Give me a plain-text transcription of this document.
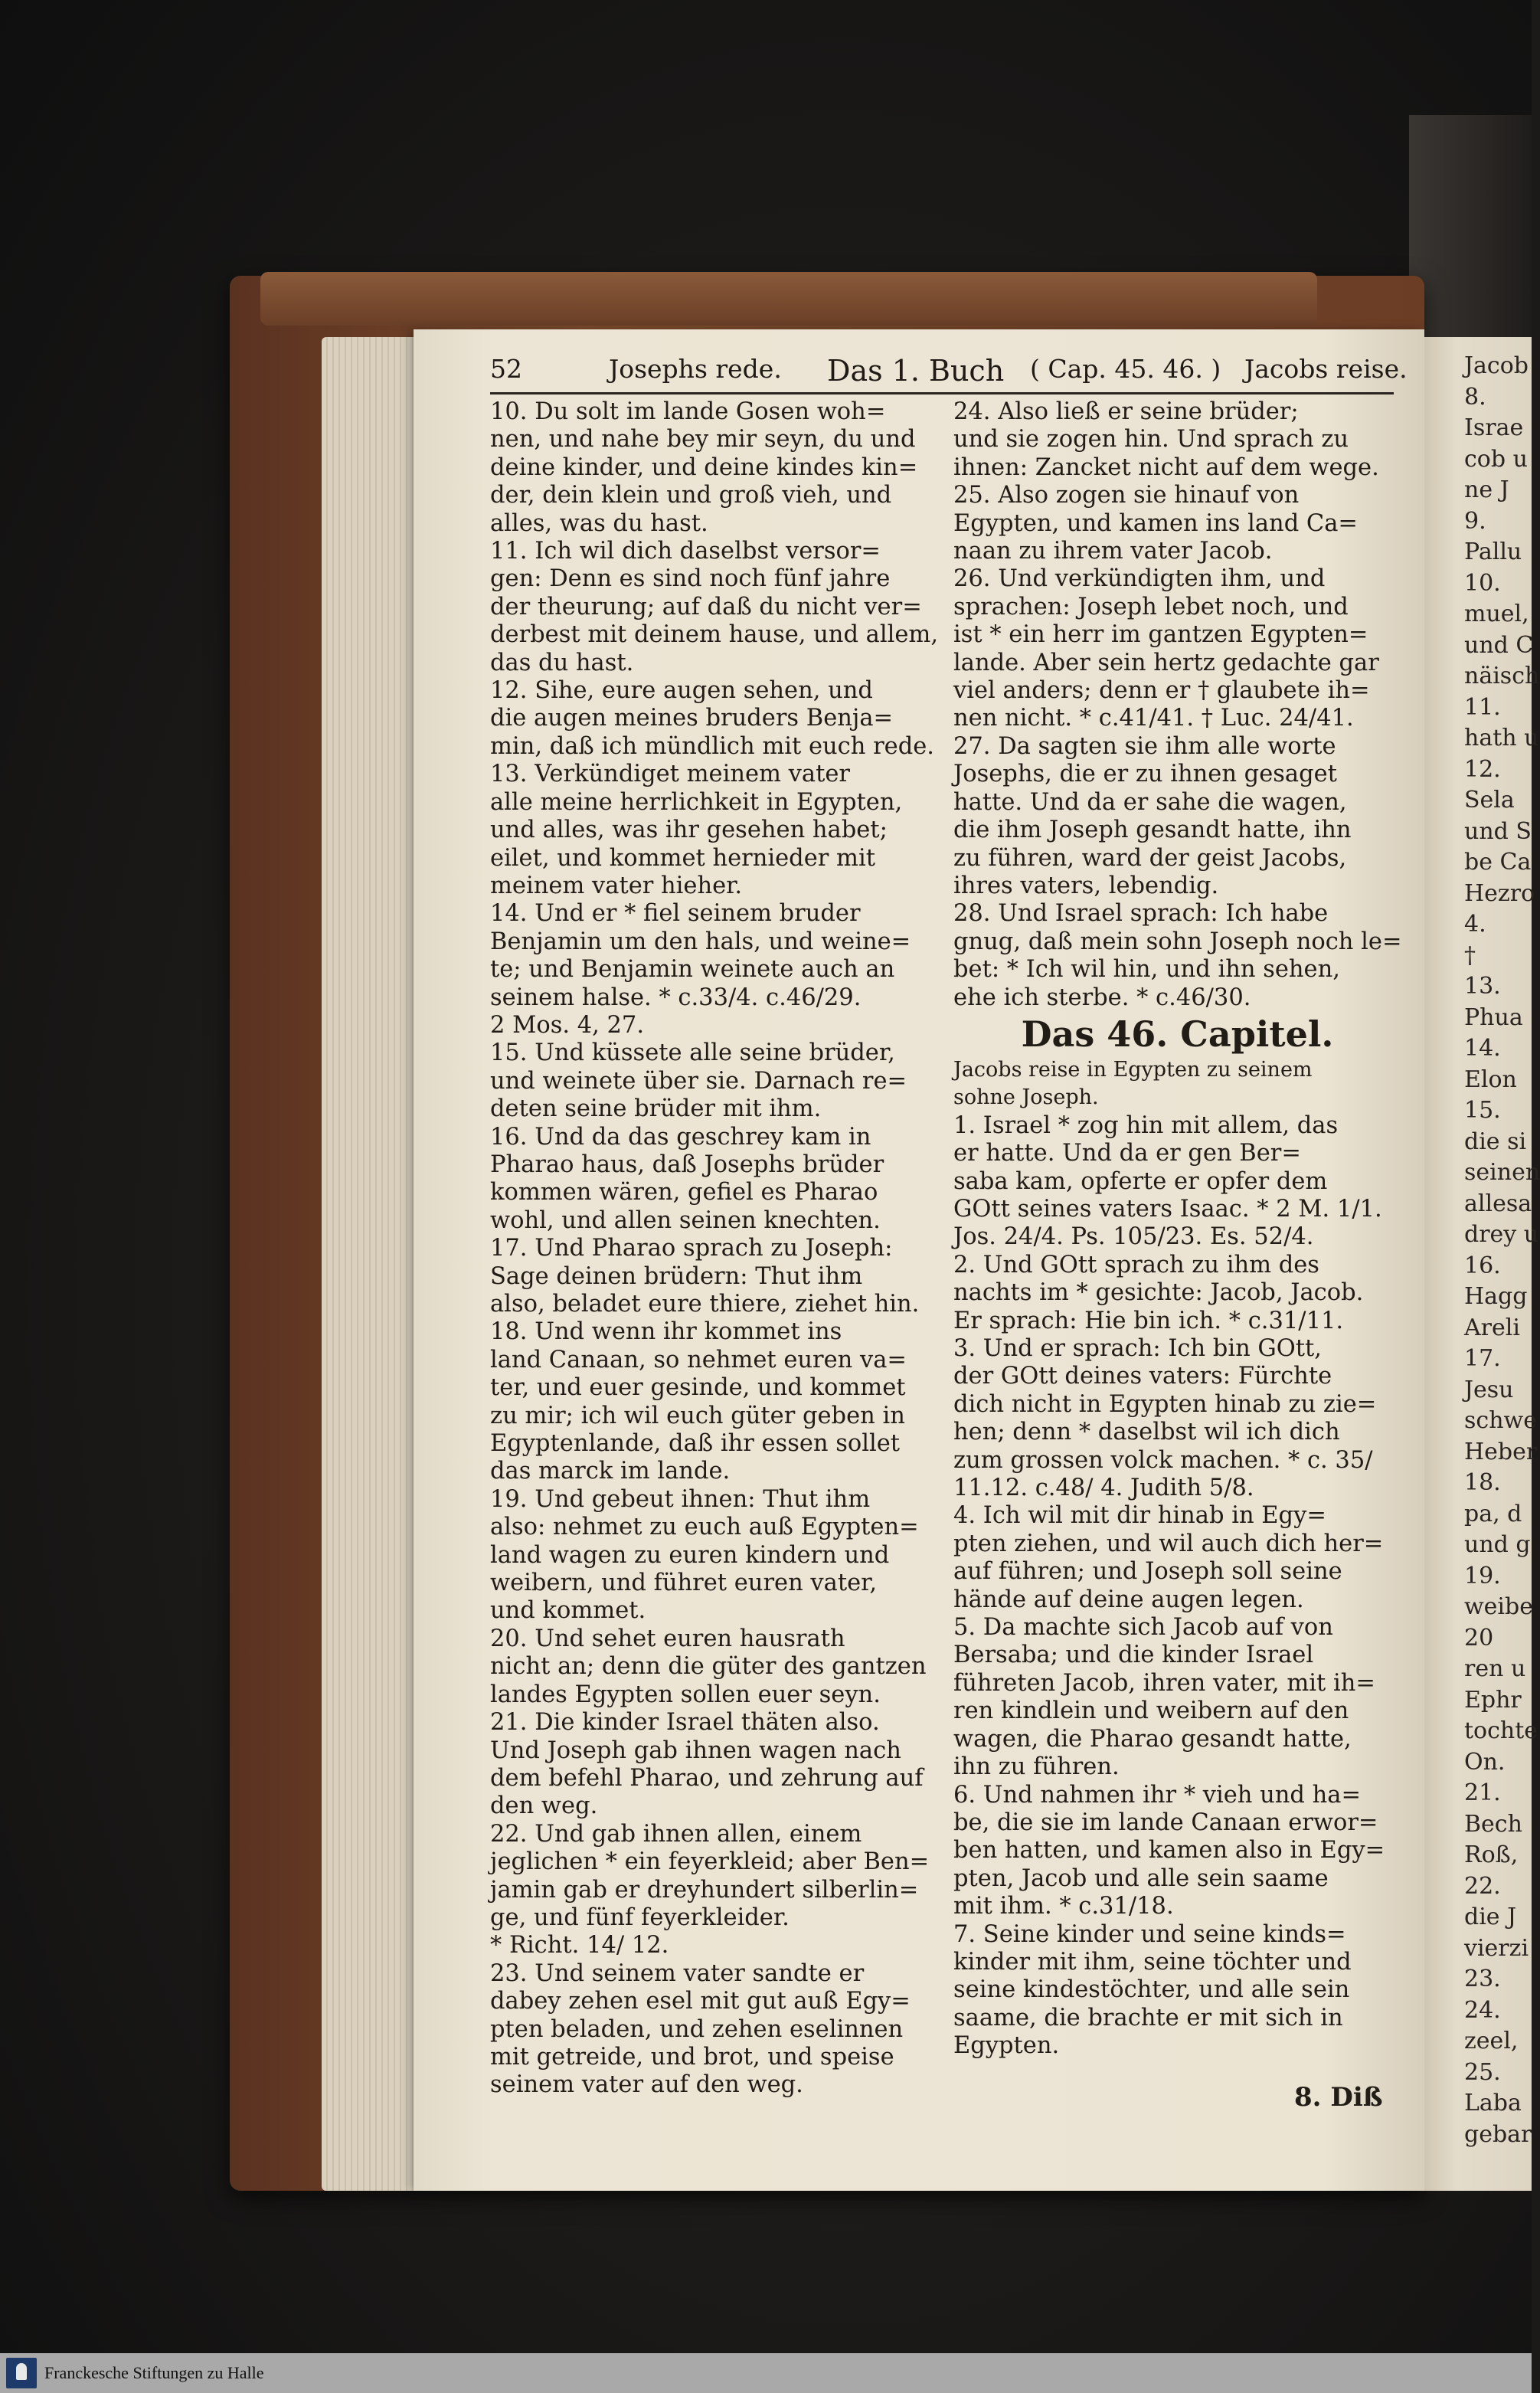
Jacob
8.
Israe
cob u
ne J
9.
Pallu
10.
muel,
und C
näisch
11.
hath u
12.
Sela
und S
be Ca
Hezro
4.
†
13.
Phua
14.
Elon
15.
die si
seinen
allesa
drey u
16.
Hagg
Areli
17.
Jesu
schwe
Heber
18.
pa, d
und g
19.
weibe
20
ren u
Ephr
tochte
On.
21.
Bech
Roß,
22.
die J
vierzi
23.
24.
zeel,
25.
Laba
gebar
52	Josephs rede. Das 1. Buch ( Cap. 45. 46. ) Jacobs reise.

10. Du solt im lande Gosen woh=

nen, und nahe bey mir seyn, du und

deine kinder, und deine kindes kin=

der, dein klein und groß vieh, und

alles, was du hast.

11. Ich wil dich daselbst versor=

gen: Denn es sind noch fünf jahre

der theurung; auf daß du nicht ver=

derbest mit deinem hause, und allem,

das du hast.

12. Sihe, eure augen sehen, und

die augen meines bruders Benja=

min, daß ich mündlich mit euch rede.

13. Verkündiget meinem vater

alle meine herrlichkeit in Egypten,

und alles, was ihr gesehen habet;

eilet, und kommet hernieder mit

meinem vater hieher.

14. Und er * fiel seinem bruder

Benjamin um den hals, und weine=

te; und Benjamin weinete auch an

seinem halse. * c.33/4. c.46/29.

2 Mos. 4, 27.

15. Und küssete alle seine brüder,

und weinete über sie. Darnach re=

deten seine brüder mit ihm.

16. Und da das geschrey kam in

Pharao haus, daß Josephs brüder

kommen wären, gefiel es Pharao

wohl, und allen seinen knechten.

17. Und Pharao sprach zu Joseph:

Sage deinen brüdern: Thut ihm

also, beladet eure thiere, ziehet hin.

18. Und wenn ihr kommet ins

land Canaan, so nehmet euren va=

ter, und euer gesinde, und kommet

zu mir; ich wil euch güter geben in

Egyptenlande, daß ihr essen sollet

das marck im lande.

19. Und gebeut ihnen: Thut ihm

also: nehmet zu euch auß Egypten=

land wagen zu euren kindern und

weibern, und führet euren vater,

und kommet.

20. Und sehet euren hausrath

nicht an; denn die güter des gantzen

landes Egypten sollen euer seyn.

21. Die kinder Israel thäten also.

Und Joseph gab ihnen wagen nach

dem befehl Pharao, und zehrung auf

den weg.

22. Und gab ihnen allen, einem

jeglichen * ein feyerkleid; aber Ben=

jamin gab er dreyhundert silberlin=

ge, und fünf feyerkleider.

* Richt. 14/ 12.

23. Und seinem vater sandte er

dabey zehen esel mit gut auß Egy=

pten beladen, und zehen eselinnen

mit getreide, und brot, und speise

seinem vater auf den weg.

24. Also ließ er seine brüder;

und sie zogen hin. Und sprach zu

ihnen: Zancket nicht auf dem wege.

25. Also zogen sie hinauf von

Egypten, und kamen ins land Ca=

naan zu ihrem vater Jacob.

26. Und verkündigten ihm, und

sprachen: Joseph lebet noch, und

ist * ein herr im gantzen Egypten=

lande. Aber sein hertz gedachte gar

viel anders; denn er † glaubete ih=

nen nicht. * c.41/41. † Luc. 24/41.

27. Da sagten sie ihm alle worte

Josephs, die er zu ihnen gesaget

hatte. Und da er sahe die wagen,

die ihm Joseph gesandt hatte, ihn

zu führen, ward der geist Jacobs,

ihres vaters, lebendig.

28. Und Israel sprach: Ich habe

gnug, daß mein sohn Joseph noch le=

bet: * Ich wil hin, und ihn sehen,

ehe ich sterbe. * c.46/30.

Das 46. Capitel.

Jacobs reise in Egypten zu seinem

sohne Joseph.

1. Israel * zog hin mit allem, das

er hatte. Und da er gen Ber=

saba kam, opferte er opfer dem

GOtt seines vaters Isaac. * 2 M. 1/1.

Jos. 24/4. Ps. 105/23. Es. 52/4.

2. Und GOtt sprach zu ihm des

nachts im * gesichte: Jacob, Jacob.

Er sprach: Hie bin ich. * c.31/11.

3. Und er sprach: Ich bin GOtt,

der GOtt deines vaters: Fürchte

dich nicht in Egypten hinab zu zie=

hen; denn * daselbst wil ich dich

zum grossen volck machen. * c. 35/

11.12. c.48/ 4. Judith 5/8.

4. Ich wil mit dir hinab in Egy=

pten ziehen, und wil auch dich her=

auf führen; und Joseph soll seine

hände auf deine augen legen.

5. Da machte sich Jacob auf von

Bersaba; und die kinder Israel

führeten Jacob, ihren vater, mit ih=

ren kindlein und weibern auf den

wagen, die Pharao gesandt hatte,

ihn zu führen.

6. Und nahmen ihr * vieh und ha=

be, die sie im lande Canaan erwor=

ben hatten, und kamen also in Egy=

pten, Jacob und alle sein saame

mit ihm. * c.31/18.

7. Seine kinder und seine kinds=

kinder mit ihm, seine töchter und

seine kindestöchter, und alle sein

saame, die brachte er mit sich in

Egypten.

8. Diß
Franckesche Stiftungen zu Halle
